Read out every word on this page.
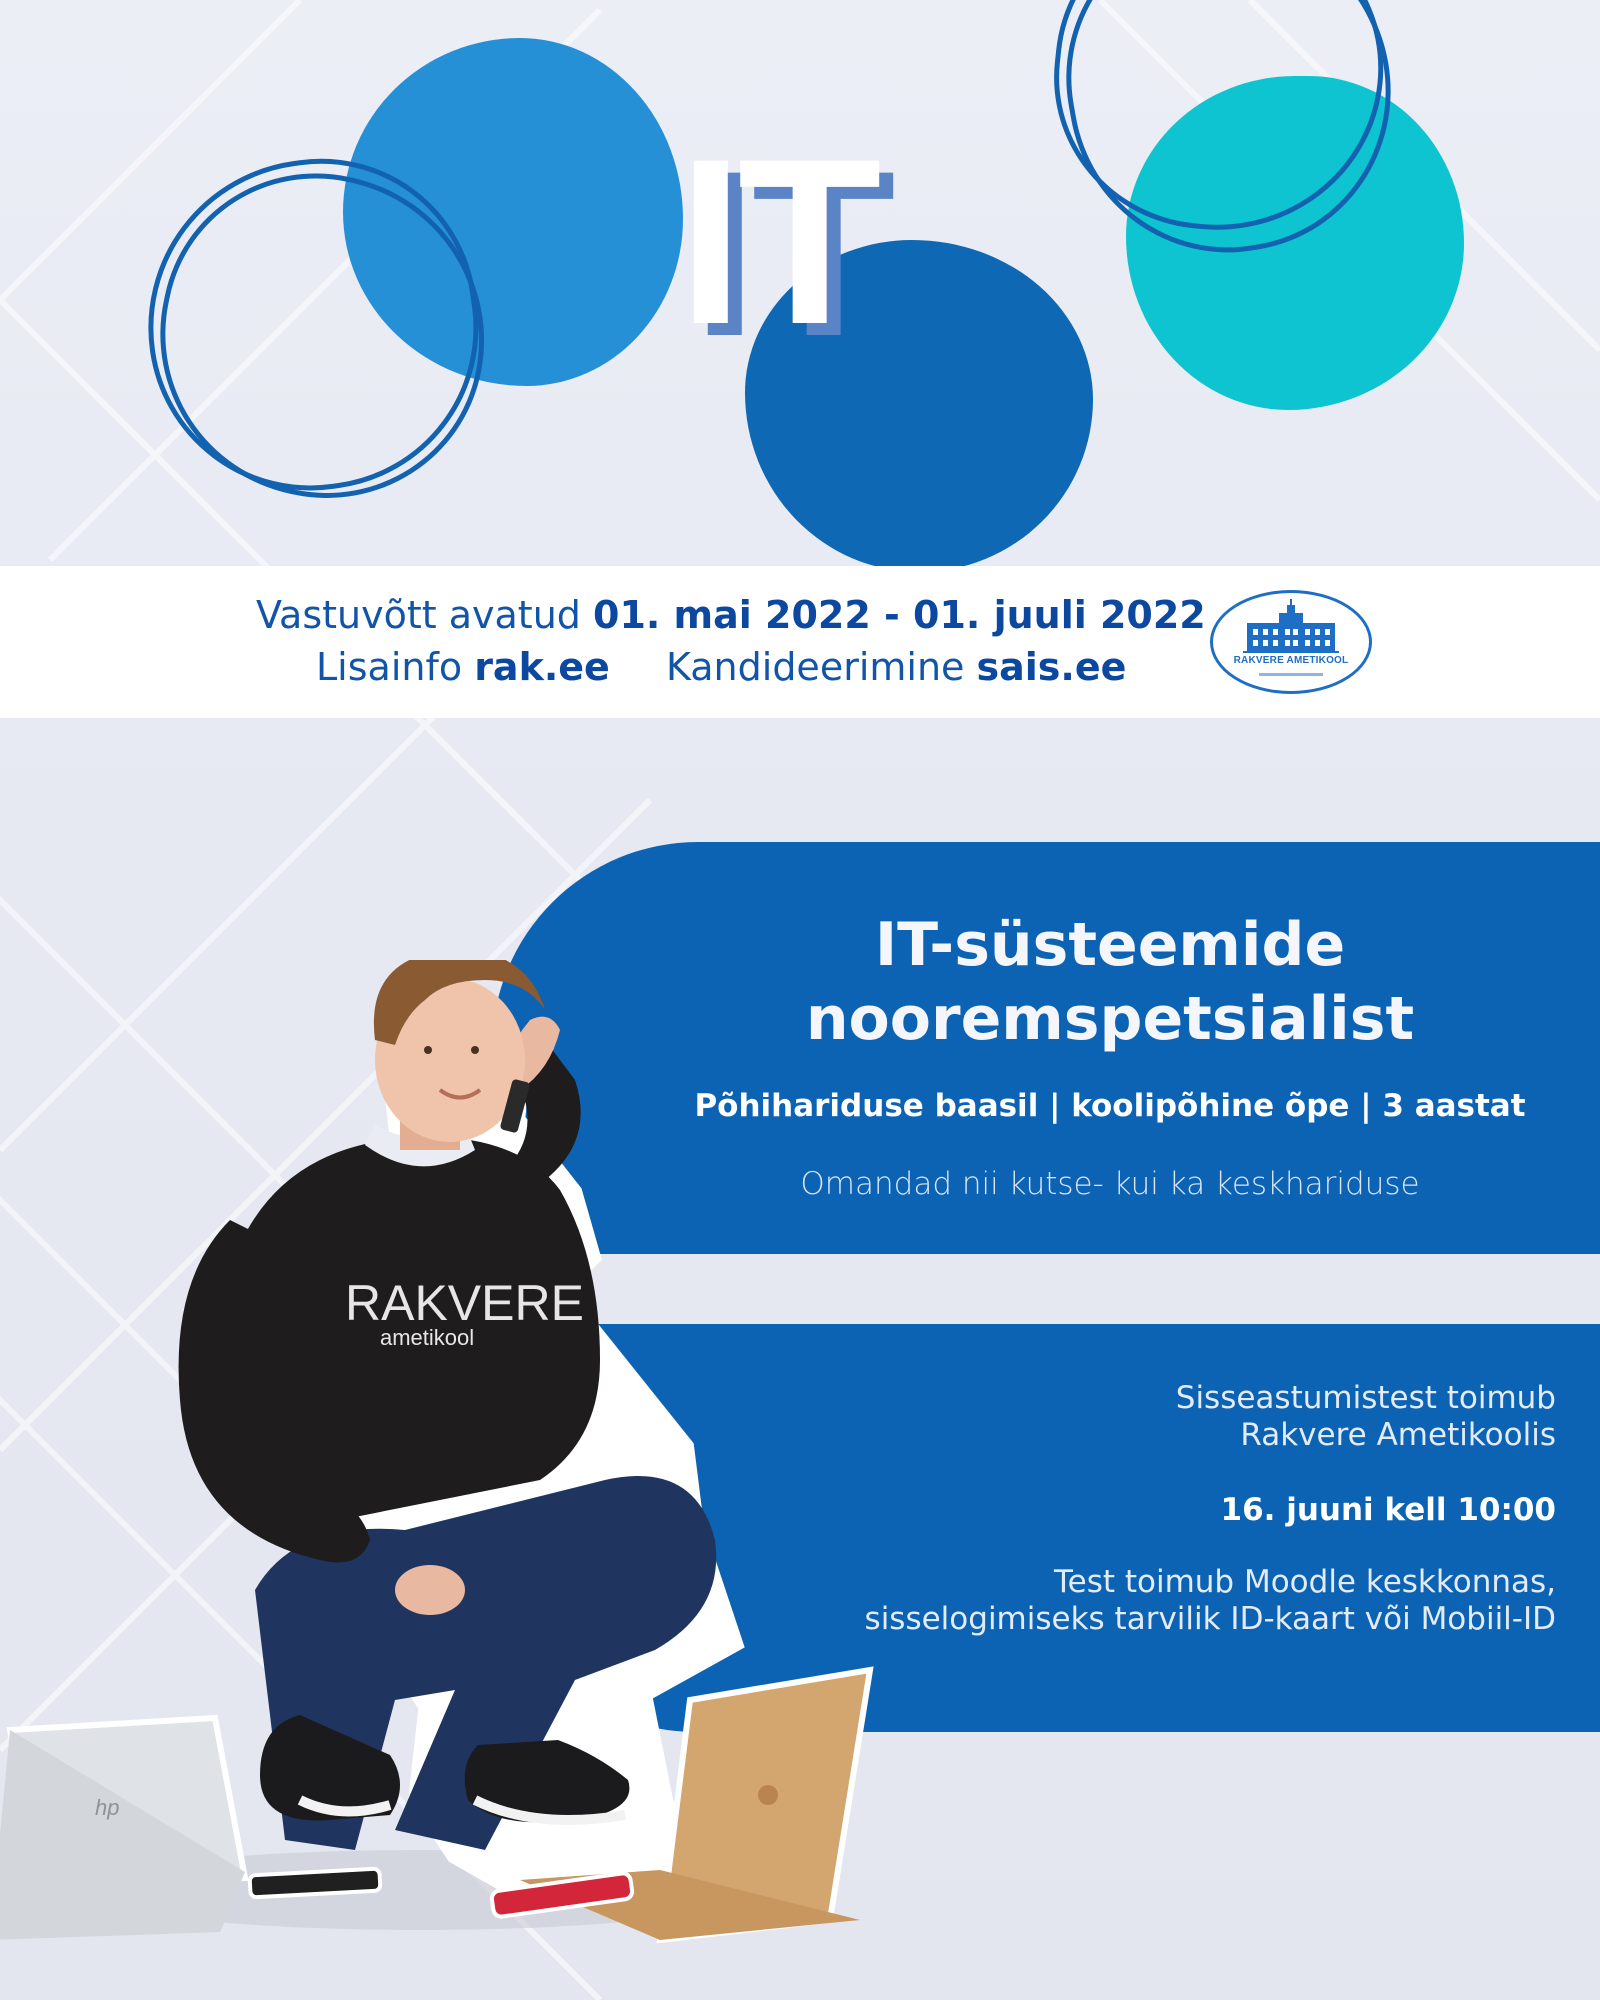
IT
Vastuvõtt avatud 01. mai 2022 - 01. juuli 2022
Lisainfo rak.ee Kandideerimine sais.ee	RAKVERE AMETIKOOL
IT-süsteemide
nooremspetsialist
Põhihariduse baasil | koolipõhine õpe | 3 aastat
Omandad nii kutse- kui ka keskhariduse
Sisseastumistest toimub
Rakvere Ametikoolis
16. juuni kell 10:00
Test toimub Moodle keskkonnas,
sisselogimiseks tarvilik ID-kaart või Mobiil-ID
RAKVERE
ametikool
hp
